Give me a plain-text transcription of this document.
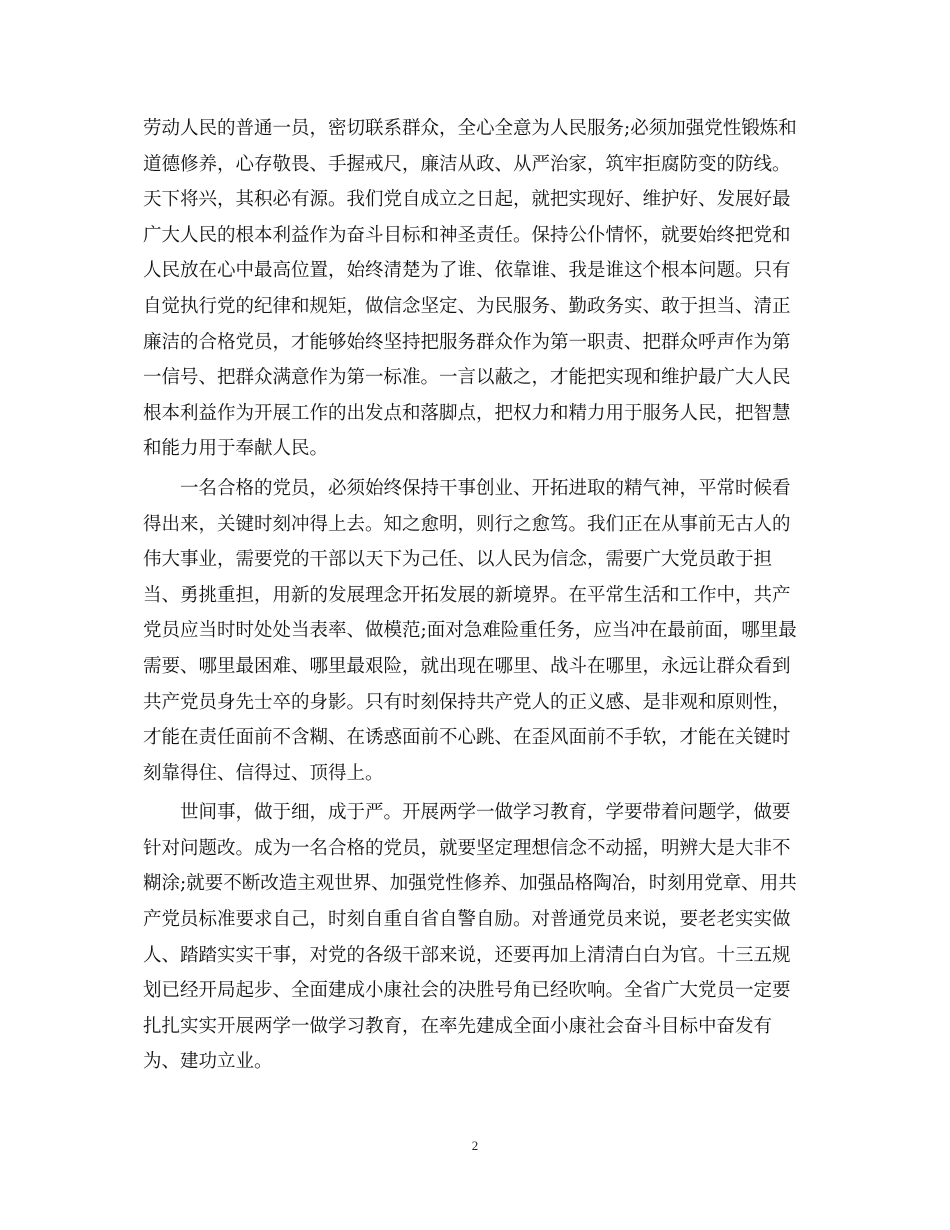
劳动人民的普通一员，密切联系群众，全心全意为人民服务;必须加强党性锻炼和
道德修养，心存敬畏、手握戒尺，廉洁从政、从严治家，筑牢拒腐防变的防线。
天下将兴，其积必有源。我们党自成立之日起，就把实现好、维护好、发展好最
广大人民的根本利益作为奋斗目标和神圣责任。保持公仆情怀，就要始终把党和
人民放在心中最高位置，始终清楚为了谁、依靠谁、我是谁这个根本问题。只有
自觉执行党的纪律和规矩，做信念坚定、为民服务、勤政务实、敢于担当、清正
廉洁的合格党员，才能够始终坚持把服务群众作为第一职责、把群众呼声作为第
一信号、把群众满意作为第一标准。一言以蔽之，才能把实现和维护最广大人民
根本利益作为开展工作的出发点和落脚点，把权力和精力用于服务人民，把智慧
和能力用于奉献人民。
　　一名合格的党员，必须始终保持干事创业、开拓进取的精气神，平常时候看
得出来，关键时刻冲得上去。知之愈明，则行之愈笃。我们正在从事前无古人的
伟大事业，需要党的干部以天下为己任、以人民为信念，需要广大党员敢于担
当、勇挑重担，用新的发展理念开拓发展的新境界。在平常生活和工作中，共产
党员应当时时处处当表率、做模范;面对急难险重任务，应当冲在最前面，哪里最
需要、哪里最困难、哪里最艰险，就出现在哪里、战斗在哪里，永远让群众看到
共产党员身先士卒的身影。只有时刻保持共产党人的正义感、是非观和原则性，
才能在责任面前不含糊、在诱惑面前不心跳、在歪风面前不手软，才能在关键时
刻靠得住、信得过、顶得上。
　　世间事，做于细，成于严。开展两学一做学习教育，学要带着问题学，做要
针对问题改。成为一名合格的党员，就要坚定理想信念不动摇，明辨大是大非不
糊涂;就要不断改造主观世界、加强党性修养、加强品格陶冶，时刻用党章、用共
产党员标准要求自己，时刻自重自省自警自励。对普通党员来说，要老老实实做
人、踏踏实实干事，对党的各级干部来说，还要再加上清清白白为官。十三五规
划已经开局起步、全面建成小康社会的决胜号角已经吹响。全省广大党员一定要
扎扎实实开展两学一做学习教育，在率先建成全面小康社会奋斗目标中奋发有
为、建功立业。
2
